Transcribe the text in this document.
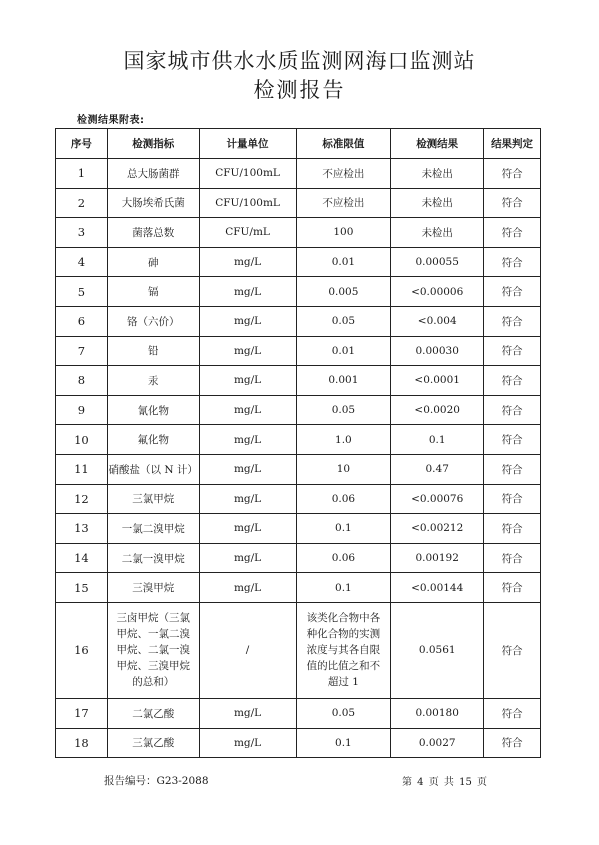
国家城市供水水质监测网海口监测站
检测报告
检测结果附表:
序号	检测指标	计量单位	标准限值	检测结果	结果判定
1	总大肠菌群	CFU/100mL	不应检出	未检出	符合
2	大肠埃希氏菌	CFU/100mL	不应检出	未检出	符合
3	菌落总数	CFU/mL	100	未检出	符合
4	砷	mg/L	0.01	0.00055	符合
5	镉	mg/L	0.005	<0.00006	符合
6	铬（六价）	mg/L	0.05	<0.004	符合
7	铅	mg/L	0.01	0.00030	符合
8	汞	mg/L	0.001	<0.0001	符合
9	氰化物	mg/L	0.05	<0.0020	符合
10	氟化物	mg/L	1.0	0.1	符合
11	硝酸盐（以 N 计）	mg/L	10	0.47	符合
12	三氯甲烷	mg/L	0.06	<0.00076	符合
13	一氯二溴甲烷	mg/L	0.1	<0.00212	符合
14	二氯一溴甲烷	mg/L	0.06	0.00192	符合
15	三溴甲烷	mg/L	0.1	<0.00144	符合
16	三卤甲烷（三氯甲烷、一氯二溴甲烷、二氯一溴甲烷、三溴甲烷的总和）	/	该类化合物中各种化合物的实测浓度与其各自限值的比值之和不超过 1	0.0561	符合
17	二氯乙酸	mg/L	0.05	0.00180	符合
18	三氯乙酸	mg/L	0.1	0.0027	符合
报告编号：G23-2088	第 4 页 共 15 页
